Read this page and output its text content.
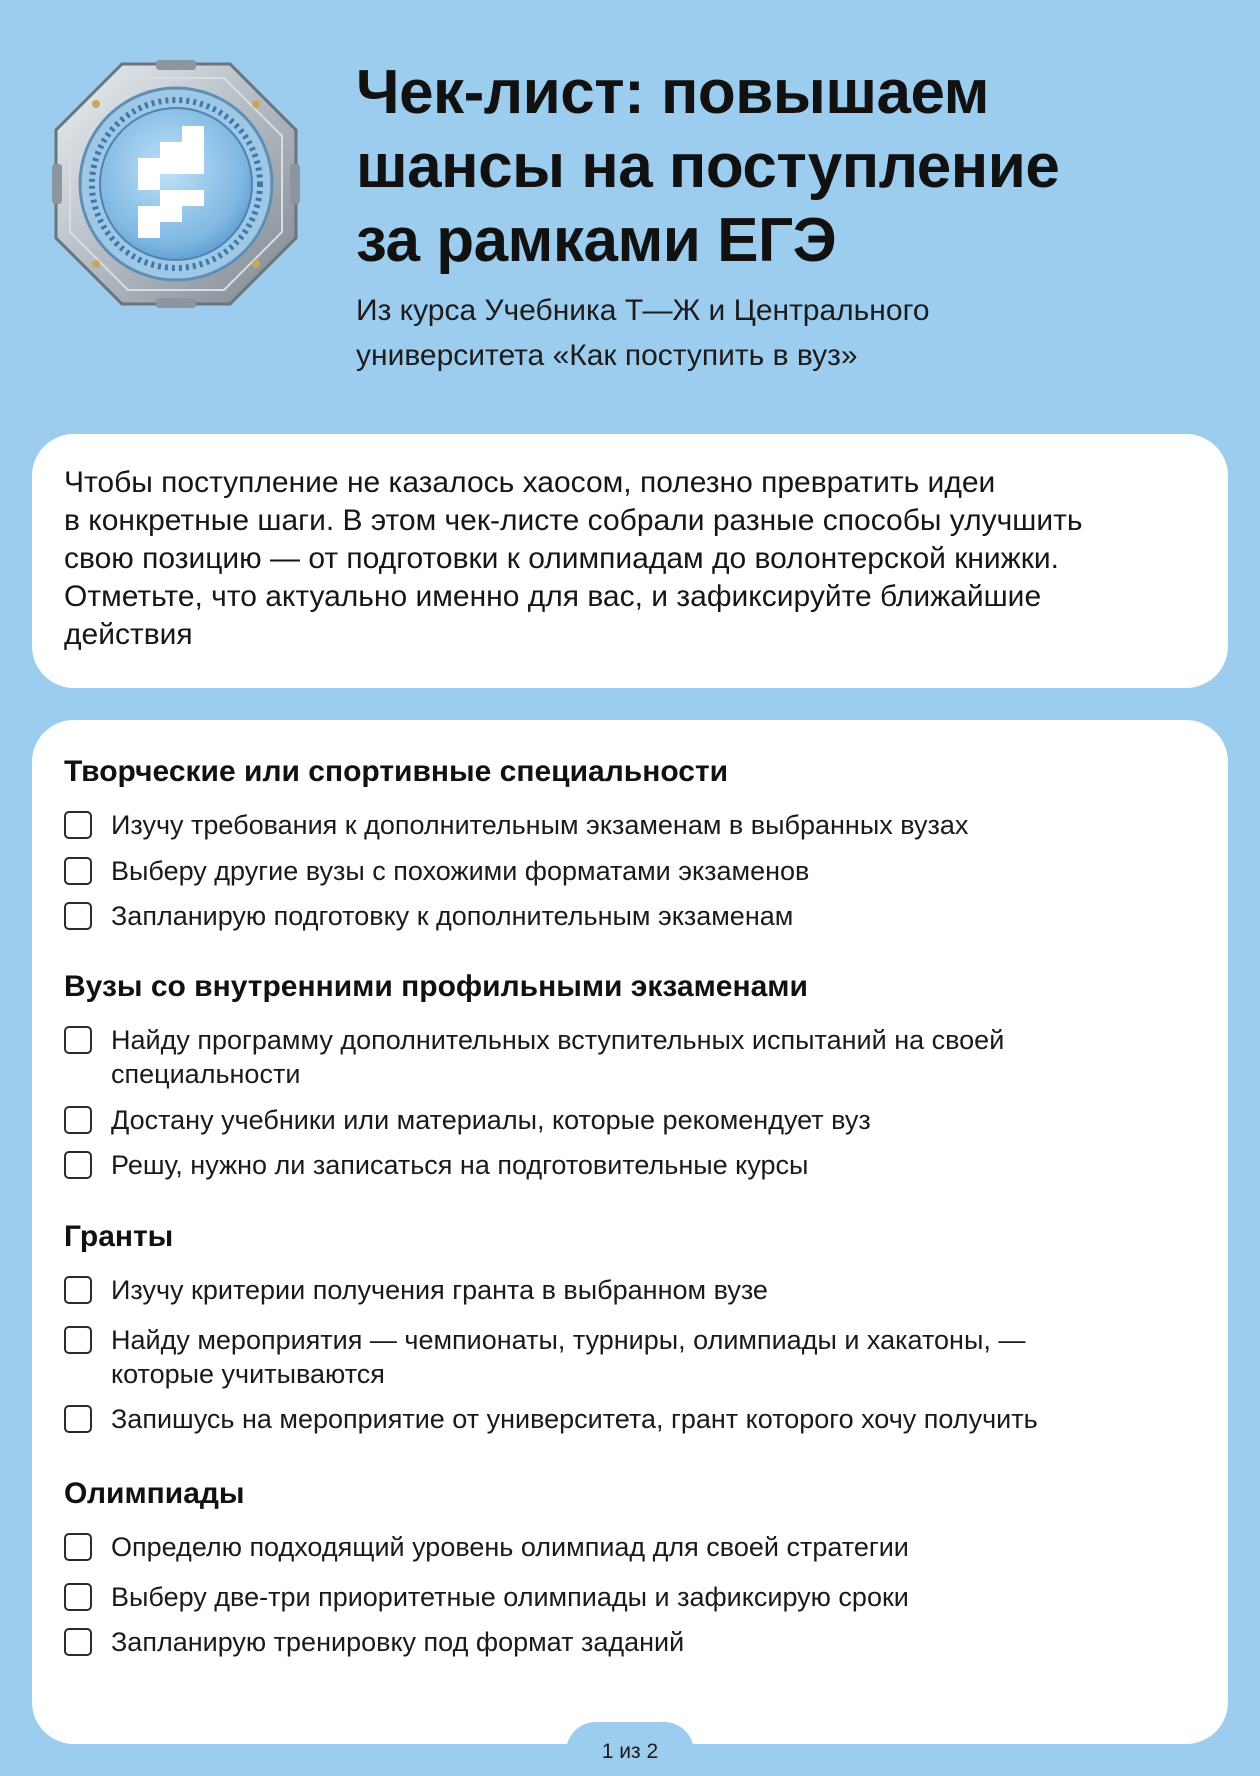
Чек-лист: повышаем
шансы на поступление
за рамками ЕГЭ

Из курса Учебника Т—Ж и Центрального
университета «Как поступить в вуз»

Чтобы поступление не казалось хаосом, полезно превратить идеи
в конкретные шаги. В этом чек-листе собрали разные способы улучшить
свою позицию — от подготовки к олимпиадам до волонтерской книжки.
Отметьте, что актуально именно для вас, и зафиксируйте ближайшие
действия

Творческие или спортивные специальности
Изучу требования к дополнительным экзаменам в выбранных вузах
Выберу другие вузы с похожими форматами экзаменов
Запланирую подготовку к дополнительным экзаменам
Вузы со внутренними профильными экзаменами
Найду программу дополнительных вступительных испытаний на своей
специальности
Достану учебники или материалы, которые рекомендует вуз
Решу, нужно ли записаться на подготовительные курсы
Гранты
Изучу критерии получения гранта в выбранном вузе
Найду мероприятия — чемпионаты, турниры, олимпиады и хакатоны, —
которые учитываются
Запишусь на мероприятие от университета, грант которого хочу получить
Олимпиады
Определю подходящий уровень олимпиад для своей стратегии
Выберу две-три приоритетные олимпиады и зафиксирую сроки
Запланирую тренировку под формат заданий
1 из 2
